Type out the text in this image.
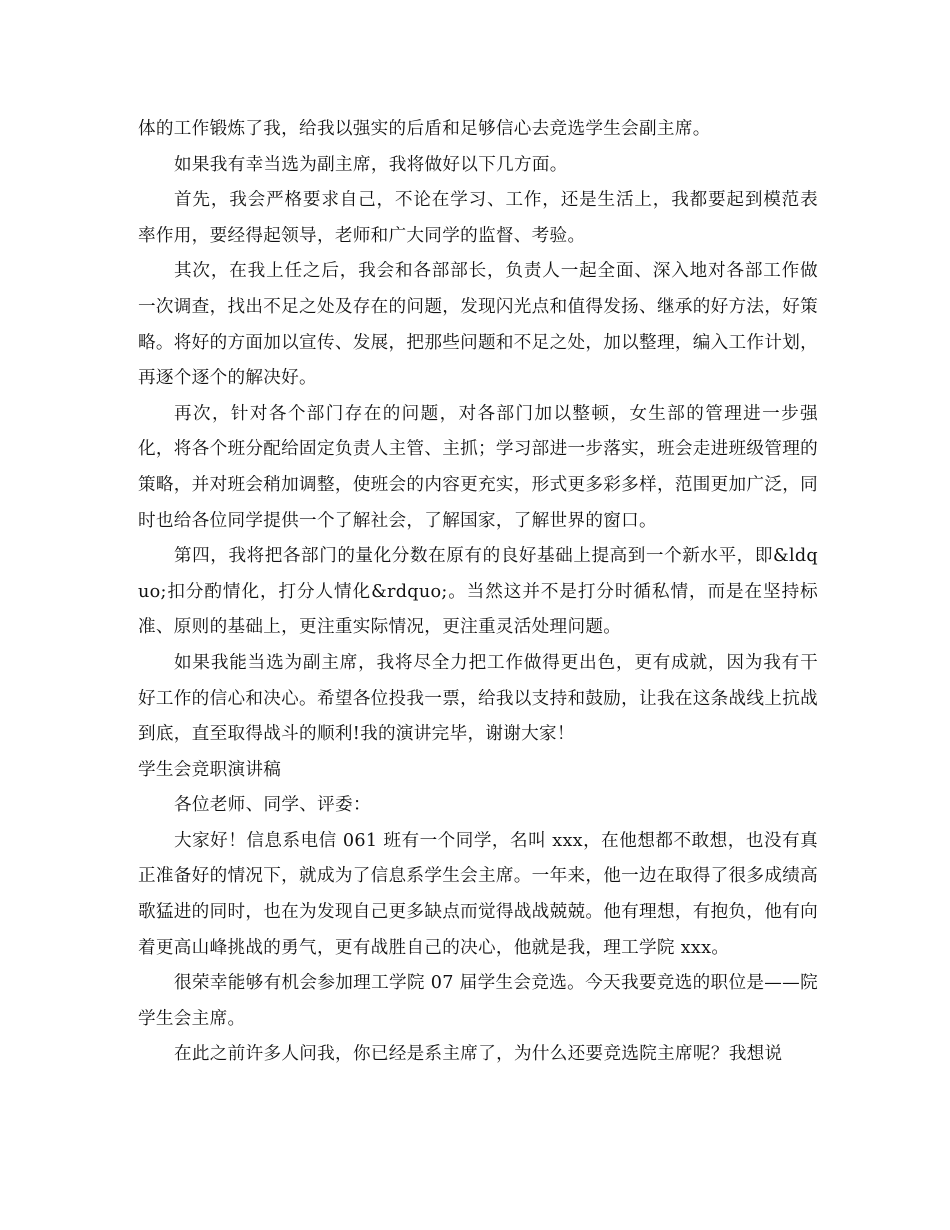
体的工作锻炼了我，给我以强实的后盾和足够信心去竞选学生会副主席。

如果我有幸当选为副主席，我将做好以下几方面。

首先，我会严格要求自己，不论在学习、工作，还是生活上，我都要起到模范表率作用，要经得起领导，老师和广大同学的监督、考验。

其次，在我上任之后，我会和各部部长，负责人一起全面、深入地对各部工作做一次调查，找出不足之处及存在的问题，发现闪光点和值得发扬、继承的好方法，好策略。将好的方面加以宣传、发展，把那些问题和不足之处，加以整理，编入工作计划，再逐个逐个的解决好。

再次，针对各个部门存在的问题，对各部门加以整顿，女生部的管理进一步强化，将各个班分配给固定负责人主管、主抓；学习部进一步落实，班会走进班级管理的策略，并对班会稍加调整，使班会的内容更充实，形式更多彩多样，范围更加广泛，同时也给各位同学提供一个了解社会，了解国家，了解世界的窗口。

第四，我将把各部门的量化分数在原有的良好基础上提高到一个新水平，即&ldquo;扣分酌情化，打分人情化&rdquo;。当然这并不是打分时循私情，而是在坚持标准、原则的基础上，更注重实际情况，更注重灵活处理问题。

如果我能当选为副主席，我将尽全力把工作做得更出色，更有成就，因为我有干好工作的信心和决心。希望各位投我一票，给我以支持和鼓励，让我在这条战线上抗战到底，直至取得战斗的顺利!我的演讲完毕，谢谢大家！

学生会竞职演讲稿

各位老师、同学、评委：

大家好！信息系电信 061 班有一个同学，名叫 xxx，在他想都不敢想，也没有真正准备好的情况下，就成为了信息系学生会主席。一年来，他一边在取得了很多成绩高歌猛进的同时，也在为发现自己更多缺点而觉得战战兢兢。他有理想，有抱负，他有向着更高山峰挑战的勇气，更有战胜自己的决心，他就是我，理工学院 xxx。

很荣幸能够有机会参加理工学院 07 届学生会竞选。今天我要竞选的职位是——院学生会主席。

在此之前许多人问我，你已经是系主席了，为什么还要竞选院主席呢？我想说
